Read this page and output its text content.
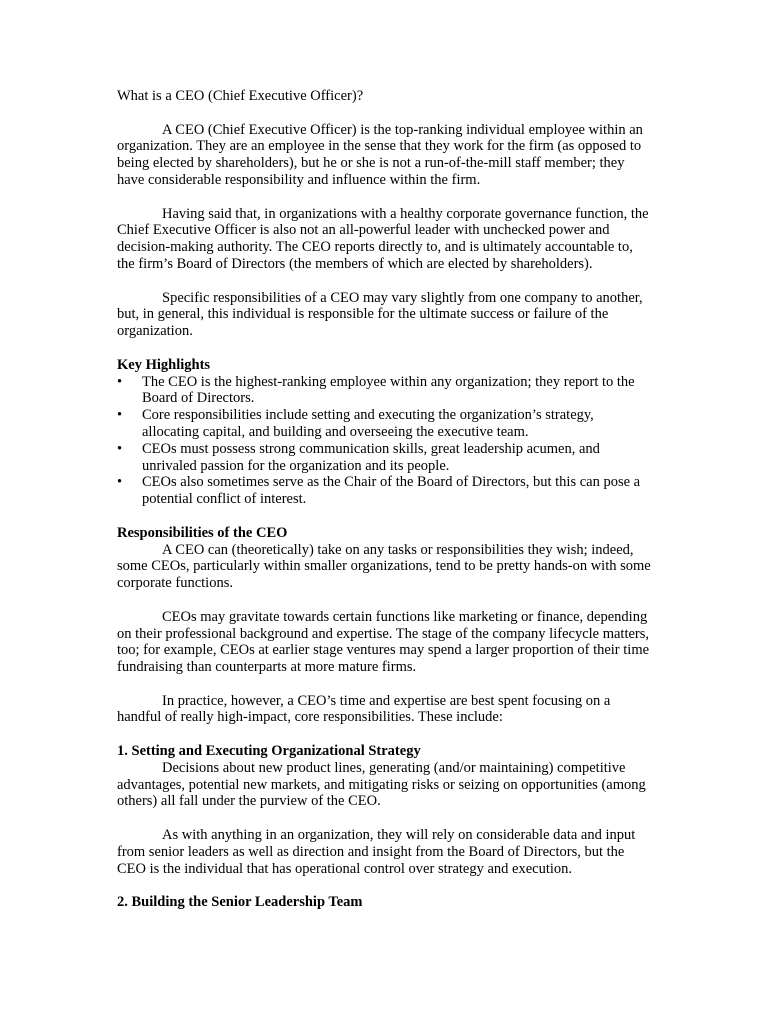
What is a CEO (Chief Executive Officer)?

A CEO (Chief Executive Officer) is the top-ranking individual employee within an organization. They are an employee in the sense that they work for the firm (as opposed to being elected by shareholders), but he or she is not a run-of-the-mill staff member; they have considerable responsibility and influence within the firm.

Having said that, in organizations with a healthy corporate governance function, the Chief Executive Officer is also not an all-powerful leader with unchecked power and decision-making authority. The CEO reports directly to, and is ultimately accountable to, the firm’s Board of Directors (the members of which are elected by shareholders).

Specific responsibilities of a CEO may vary slightly from one company to another, but, in general, this individual is responsible for the ultimate success or failure of the organization.

Key Highlights

•	The CEO is the highest-ranking employee within any organization; they report to the Board of Directors.
•	Core responsibilities include setting and executing the organization’s strategy, allocating capital, and building and overseeing the executive team.
•	CEOs must possess strong communication skills, great leadership acumen, and unrivaled passion for the organization and its people.
•	CEOs also sometimes serve as the Chair of the Board of Directors, but this can pose a potential conflict of interest.

Responsibilities of the CEO

A CEO can (theoretically) take on any tasks or responsibilities they wish; indeed, some CEOs, particularly within smaller organizations, tend to be pretty hands-on with some corporate functions.

CEOs may gravitate towards certain functions like marketing or finance, depending on their professional background and expertise. The stage of the company lifecycle matters, too; for example, CEOs at earlier stage ventures may spend a larger proportion of their time fundraising than counterparts at more mature firms.

In practice, however, a CEO’s time and expertise are best spent focusing on a handful of really high-impact, core responsibilities. These include:

1. Setting and Executing Organizational Strategy

Decisions about new product lines, generating (and/or maintaining) competitive advantages, potential new markets, and mitigating risks or seizing on opportunities (among others) all fall under the purview of the CEO.

As with anything in an organization, they will rely on considerable data and input from senior leaders as well as direction and insight from the Board of Directors, but the CEO is the individual that has operational control over strategy and execution.

2. Building the Senior Leadership Team
